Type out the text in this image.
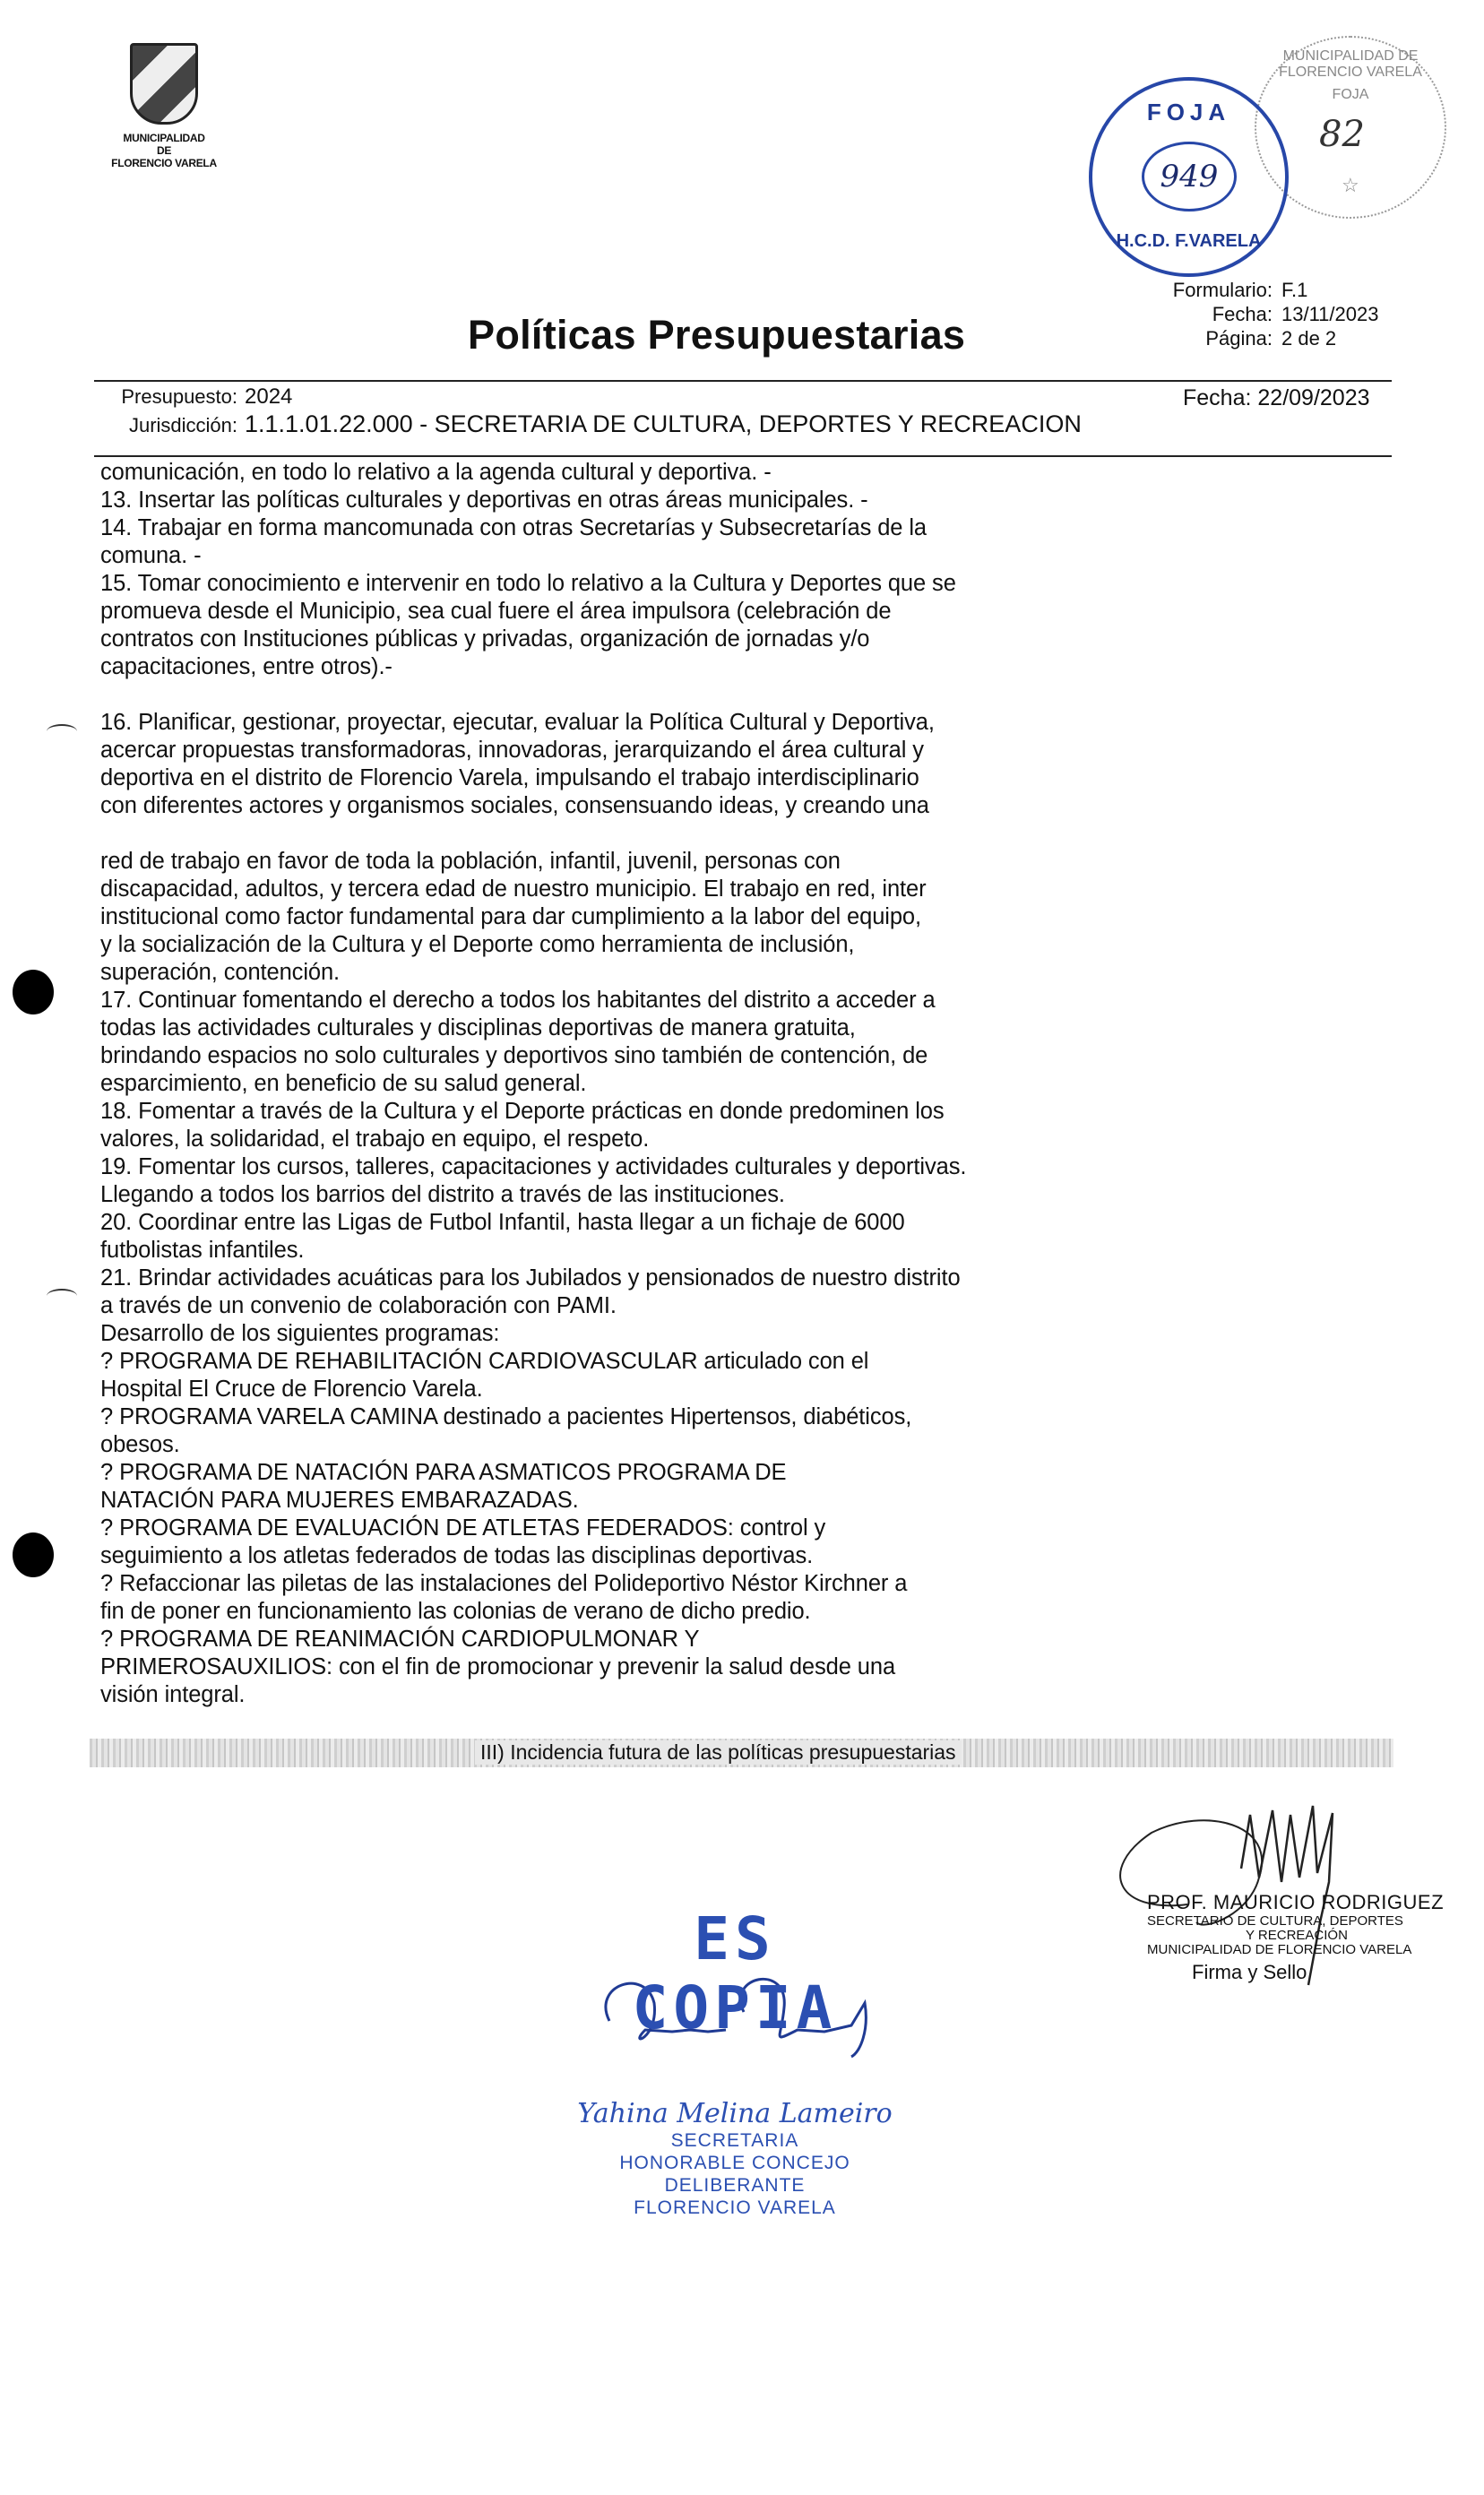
MUNICIPALIDAD
DE
FLORENCIO VARELA
MUNICIPALIDAD DE FLORENCIO VARELA
FOJA
82
☆
FOJA
949
H.C.D. F.VARELA
Formulario:
Fecha:
Página:
F.1
13/11/2023
2 de 2
Políticas Presupuestarias
Presupuesto: 2024
Jurisdicción: 1.1.1.01.22.000 - SECRETARIA DE CULTURA, DEPORTES Y RECREACION
Fecha: 22/09/2023

comunicación, en todo lo relativo a la agenda cultural y deportiva. -

13. Insertar las políticas culturales y deportivas en otras áreas municipales. -

14. Trabajar en forma mancomunada con otras Secretarías y Subsecretarías de la

comuna. -

15. Tomar conocimiento e intervenir en todo lo relativo a la Cultura y Deportes que se

promueva desde el Municipio, sea cual fuere el área impulsora (celebración de

contratos con Instituciones públicas y privadas, organización de jornadas y/o

capacitaciones, entre otros).-

16. Planificar, gestionar, proyectar, ejecutar, evaluar la Política Cultural y Deportiva,

acercar propuestas transformadoras, innovadoras, jerarquizando el área cultural y

deportiva en el distrito de Florencio Varela, impulsando el trabajo interdisciplinario

con diferentes actores y organismos sociales, consensuando ideas, y creando una

red de trabajo en favor de toda la población, infantil, juvenil, personas con

discapacidad, adultos, y tercera edad de nuestro municipio. El trabajo en red, inter

institucional como factor fundamental para dar cumplimiento a la labor del equipo,

y la socialización de la Cultura y el Deporte como herramienta de inclusión,

superación, contención.

17. Continuar fomentando el derecho a todos los habitantes del distrito a acceder a

todas las actividades culturales y disciplinas deportivas de manera gratuita,

brindando espacios no solo culturales y deportivos sino también de contención, de

esparcimiento, en beneficio de su salud general.

18. Fomentar a través de la Cultura y el Deporte prácticas en donde predominen los

valores, la solidaridad, el trabajo en equipo, el respeto.

19. Fomentar los cursos, talleres, capacitaciones y actividades culturales y deportivas.

Llegando a todos los barrios del distrito a través de las instituciones.

20. Coordinar entre las Ligas de Futbol Infantil, hasta llegar a un fichaje de 6000

futbolistas infantiles.

21. Brindar actividades acuáticas para los Jubilados y pensionados de nuestro distrito

a través de un convenio de colaboración con PAMI.

Desarrollo de los siguientes programas:

? PROGRAMA DE REHABILITACIÓN CARDIOVASCULAR articulado con el

Hospital El Cruce de Florencio Varela.

? PROGRAMA VARELA CAMINA destinado a pacientes Hipertensos, diabéticos,

obesos.

? PROGRAMA DE NATACIÓN PARA ASMATICOS PROGRAMA DE

NATACIÓN PARA MUJERES EMBARAZADAS.

? PROGRAMA DE EVALUACIÓN DE ATLETAS FEDERADOS: control y

seguimiento a los atletas federados de todas las disciplinas deportivas.

? Refaccionar las piletas de las instalaciones del Polideportivo Néstor Kirchner a

fin de poner en funcionamiento las colonias de verano de dicho predio.

? PROGRAMA DE REANIMACIÓN CARDIOPULMONAR Y

PRIMEROSAUXILIOS: con el fin de promocionar y prevenir la salud desde una

visión integral.

III) Incidencia futura de las políticas presupuestarias
PROF. MAURICIO RODRIGUEZ
SECRETARIO DE CULTURA, DEPORTES
Y RECREACIÓN
MUNICIPALIDAD DE FLORENCIO VARELA
Firma y Sello
ES COPIA
Yahina Melina Lameiro
SECRETARIA
HONORABLE CONCEJO DELIBERANTE
FLORENCIO VARELA
